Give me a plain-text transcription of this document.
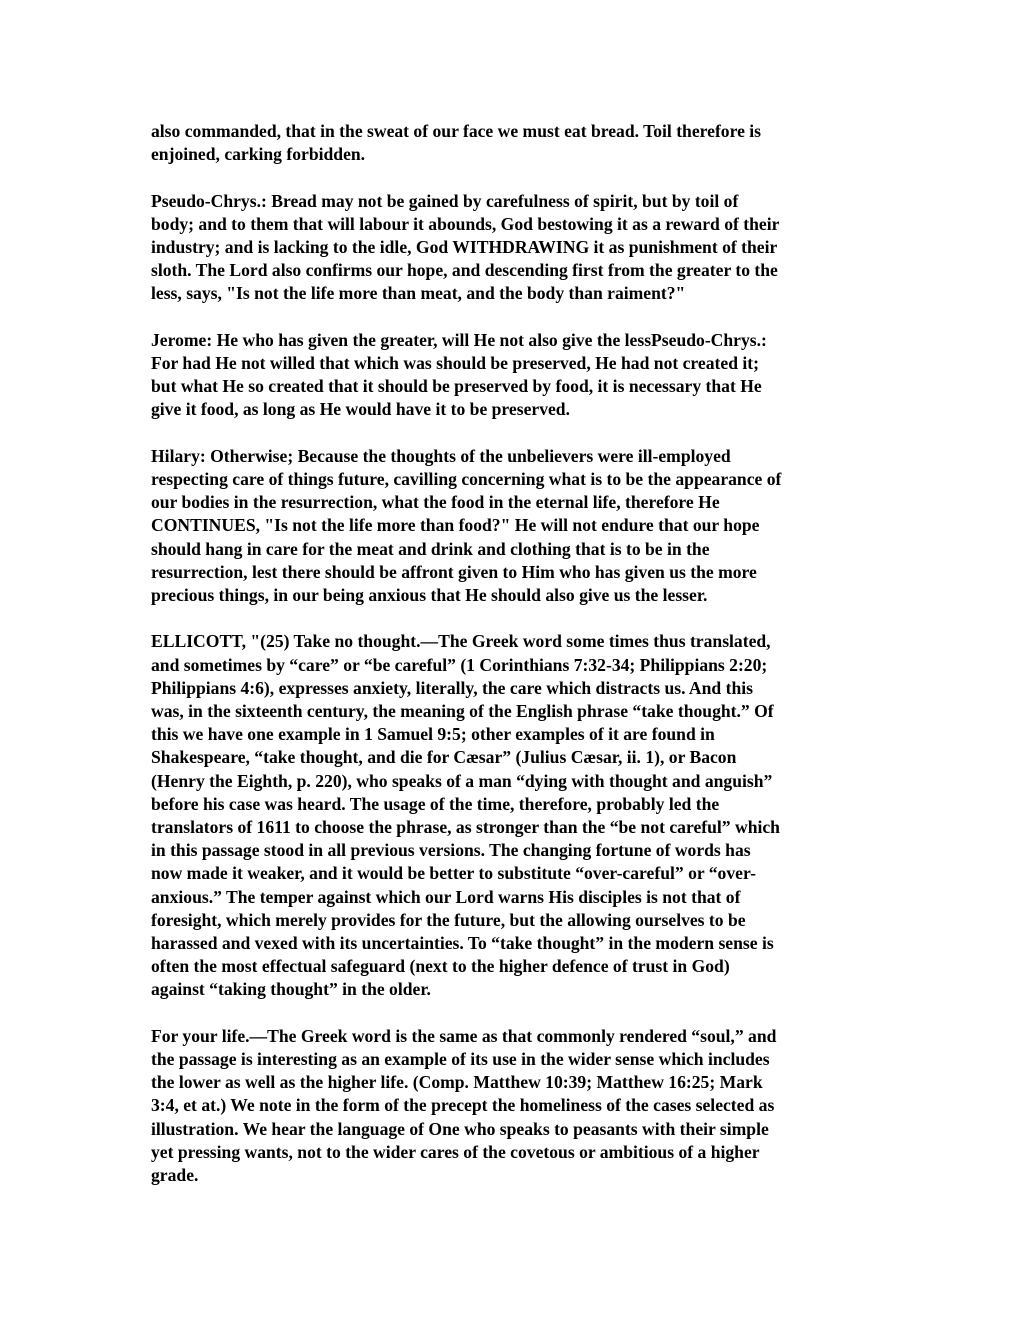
also commanded, that in the sweat of our face we must eat bread. Toil therefore is
enjoined, carking forbidden.

Pseudo-Chrys.: Bread may not be gained by carefulness of spirit, but by toil of
body; and to them that will labour it abounds, God bestowing it as a reward of their
industry; and is lacking to the idle, God WITHDRAWING it as punishment of their
sloth. The Lord also confirms our hope, and descending first from the greater to the
less, says, "Is not the life more than meat, and the body than raiment?"

Jerome: He who has given the greater, will He not also give the lessPseudo-Chrys.:
For had He not willed that which was should be preserved, He had not created it;
but what He so created that it should be preserved by food, it is necessary that He
give it food, as long as He would have it to be preserved.

Hilary: Otherwise; Because the thoughts of the unbelievers were ill-employed
respecting care of things future, cavilling concerning what is to be the appearance of
our bodies in the resurrection, what the food in the eternal life, therefore He
CONTINUES, "Is not the life more than food?" He will not endure that our hope
should hang in care for the meat and drink and clothing that is to be in the
resurrection, lest there should be affront given to Him who has given us the more
precious things, in our being anxious that He should also give us the lesser.

ELLICOTT, "(25) Take no thought.—The Greek word some times thus translated,
and sometimes by “care” or “be careful” (1 Corinthians 7:32-34; Philippians 2:20;
Philippians 4:6), expresses anxiety, literally, the care which distracts us. And this
was, in the sixteenth century, the meaning of the English phrase “take thought.” Of
this we have one example in 1 Samuel 9:5; other examples of it are found in
Shakespeare, “take thought, and die for Cæsar” (Julius Cæsar, ii. 1), or Bacon
(Henry the Eighth, p. 220), who speaks of a man “dying with thought and anguish”
before his case was heard. The usage of the time, therefore, probably led the
translators of 1611 to choose the phrase, as stronger than the “be not careful” which
in this passage stood in all previous versions. The changing fortune of words has
now made it weaker, and it would be better to substitute “over-careful” or “over-
anxious.” The temper against which our Lord warns His disciples is not that of
foresight, which merely provides for the future, but the allowing ourselves to be
harassed and vexed with its uncertainties. To “take thought” in the modern sense is
often the most effectual safeguard (next to the higher defence of trust in God)
against “taking thought” in the older.

For your life.—The Greek word is the same as that commonly rendered “soul,” and
the passage is interesting as an example of its use in the wider sense which includes
the lower as well as the higher life. (Comp. Matthew 10:39; Matthew 16:25; Mark
3:4, et at.) We note in the form of the precept the homeliness of the cases selected as
illustration. We hear the language of One who speaks to peasants with their simple
yet pressing wants, not to the wider cares of the covetous or ambitious of a higher
grade.
